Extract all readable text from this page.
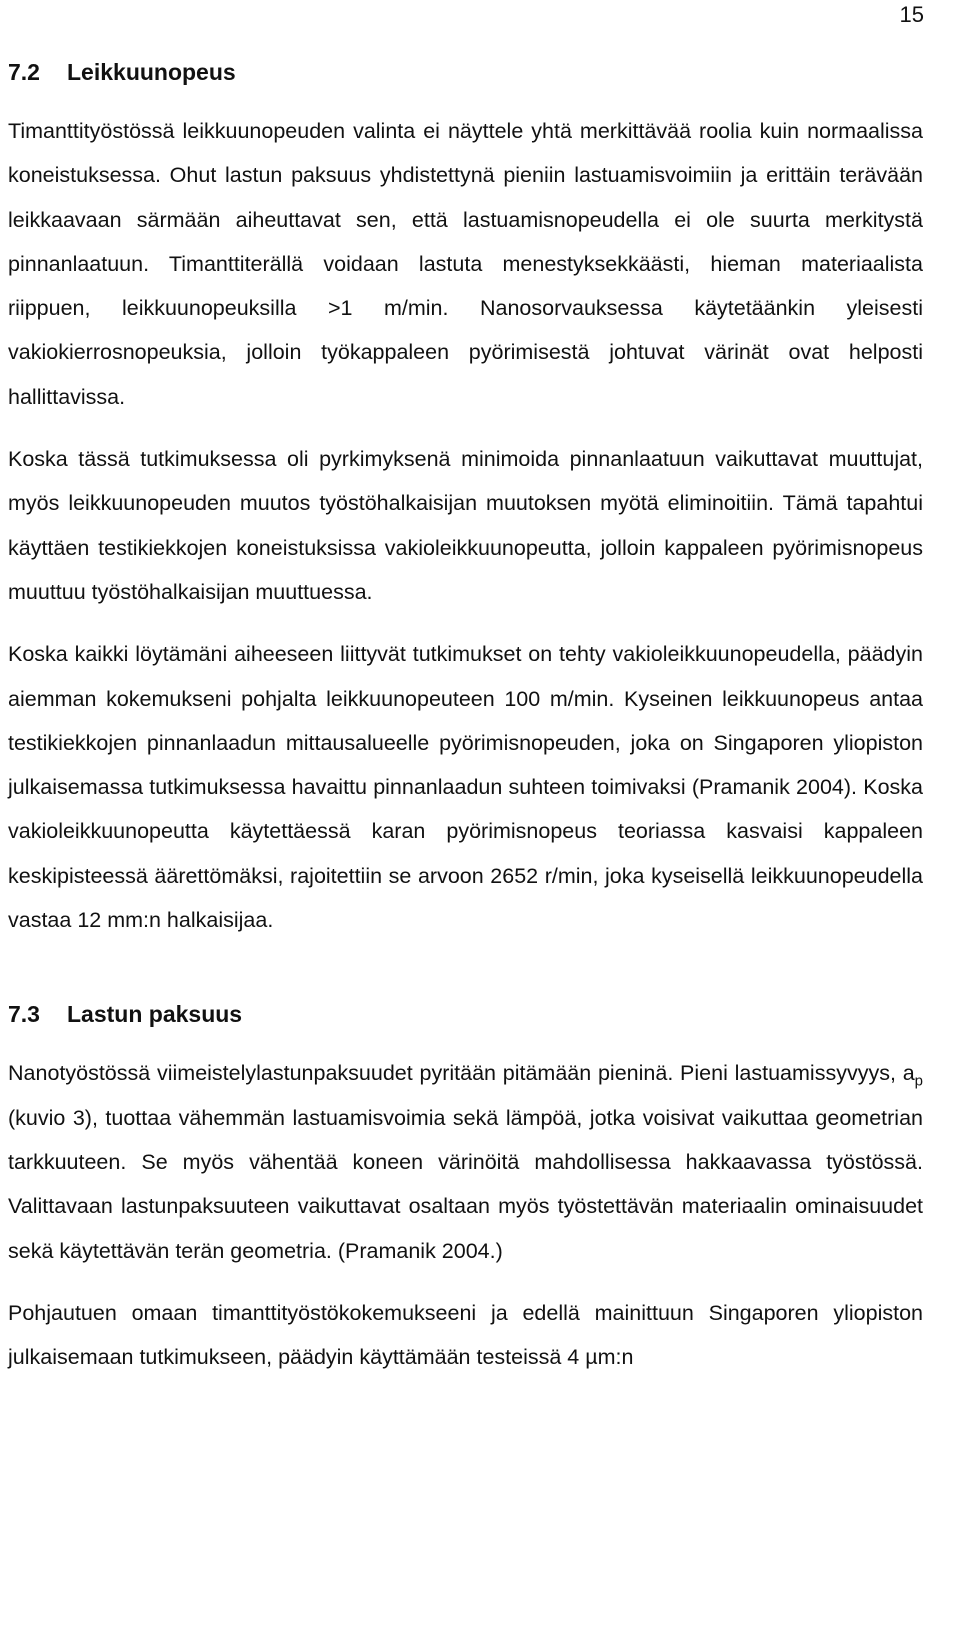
15
7.2 Leikkuunopeus

Timanttityöstössä leikkuunopeuden valinta ei näyttele yhtä merkittävää roolia kuin normaalissa koneistuksessa. Ohut lastun paksuus yhdistettynä pieniin lastuamisvoimiin ja erittäin terävään leikkaavaan särmään aiheuttavat sen, että lastuamisnopeudella ei ole suurta merkitystä pinnanlaatuun. Timanttiterällä voidaan lastuta menestyksekkäästi, hieman materiaalista riippuen, leikkuunopeuksilla >1 m/min. Nanosorvauksessa käytetäänkin yleisesti vakiokierrosnopeuksia, jolloin työkappaleen pyörimisestä johtuvat värinät ovat helposti hallittavissa.

Koska tässä tutkimuksessa oli pyrkimyksenä minimoida pinnanlaatuun vaikuttavat muuttujat, myös leikkuunopeuden muutos työstöhalkaisijan muutoksen myötä eliminoitiin. Tämä tapahtui käyttäen testikiekkojen koneistuksissa vakioleikkuunopeutta, jolloin kappaleen pyörimisnopeus muuttuu työstöhalkaisijan muuttuessa.

Koska kaikki löytämäni aiheeseen liittyvät tutkimukset on tehty vakioleikkuunopeudella, päädyin aiemman kokemukseni pohjalta leikkuunopeuteen 100 m/min. Kyseinen leikkuunopeus antaa testikiekkojen pinnanlaadun mittausalueelle pyörimisnopeuden, joka on Singaporen yliopiston julkaisemassa tutkimuksessa havaittu pinnanlaadun suhteen toimivaksi (Pramanik 2004). Koska vakioleikkuunopeutta käytettäessä karan pyörimisnopeus teoriassa kasvaisi kappaleen keskipisteessä äärettömäksi, rajoitettiin se arvoon 2652 r/min, joka kyseisellä leikkuunopeudella vastaa 12 mm:n halkaisijaa.

7.3 Lastun paksuus

Nanotyöstössä viimeistelylastunpaksuudet pyritään pitämään pieninä. Pieni lastuamissyvyys, $a_p$ (kuvio 3), tuottaa vähemmän lastuamisvoimia sekä lämpöä, jotka voisivat vaikuttaa geometrian tarkkuuteen. Se myös vähentää koneen värinöitä mahdollisessa hakkaavassa työstössä. Valittavaan lastunpaksuuteen vaikuttavat osaltaan myös työstettävän materiaalin ominaisuudet sekä käytettävän terän geometria. (Pramanik 2004.)

Pohjautuen omaan timanttityöstökokemukseeni ja edellä mainittuun Singaporen yliopiston julkaisemaan tutkimukseen, päädyin käyttämään testeissä 4 µm:n
